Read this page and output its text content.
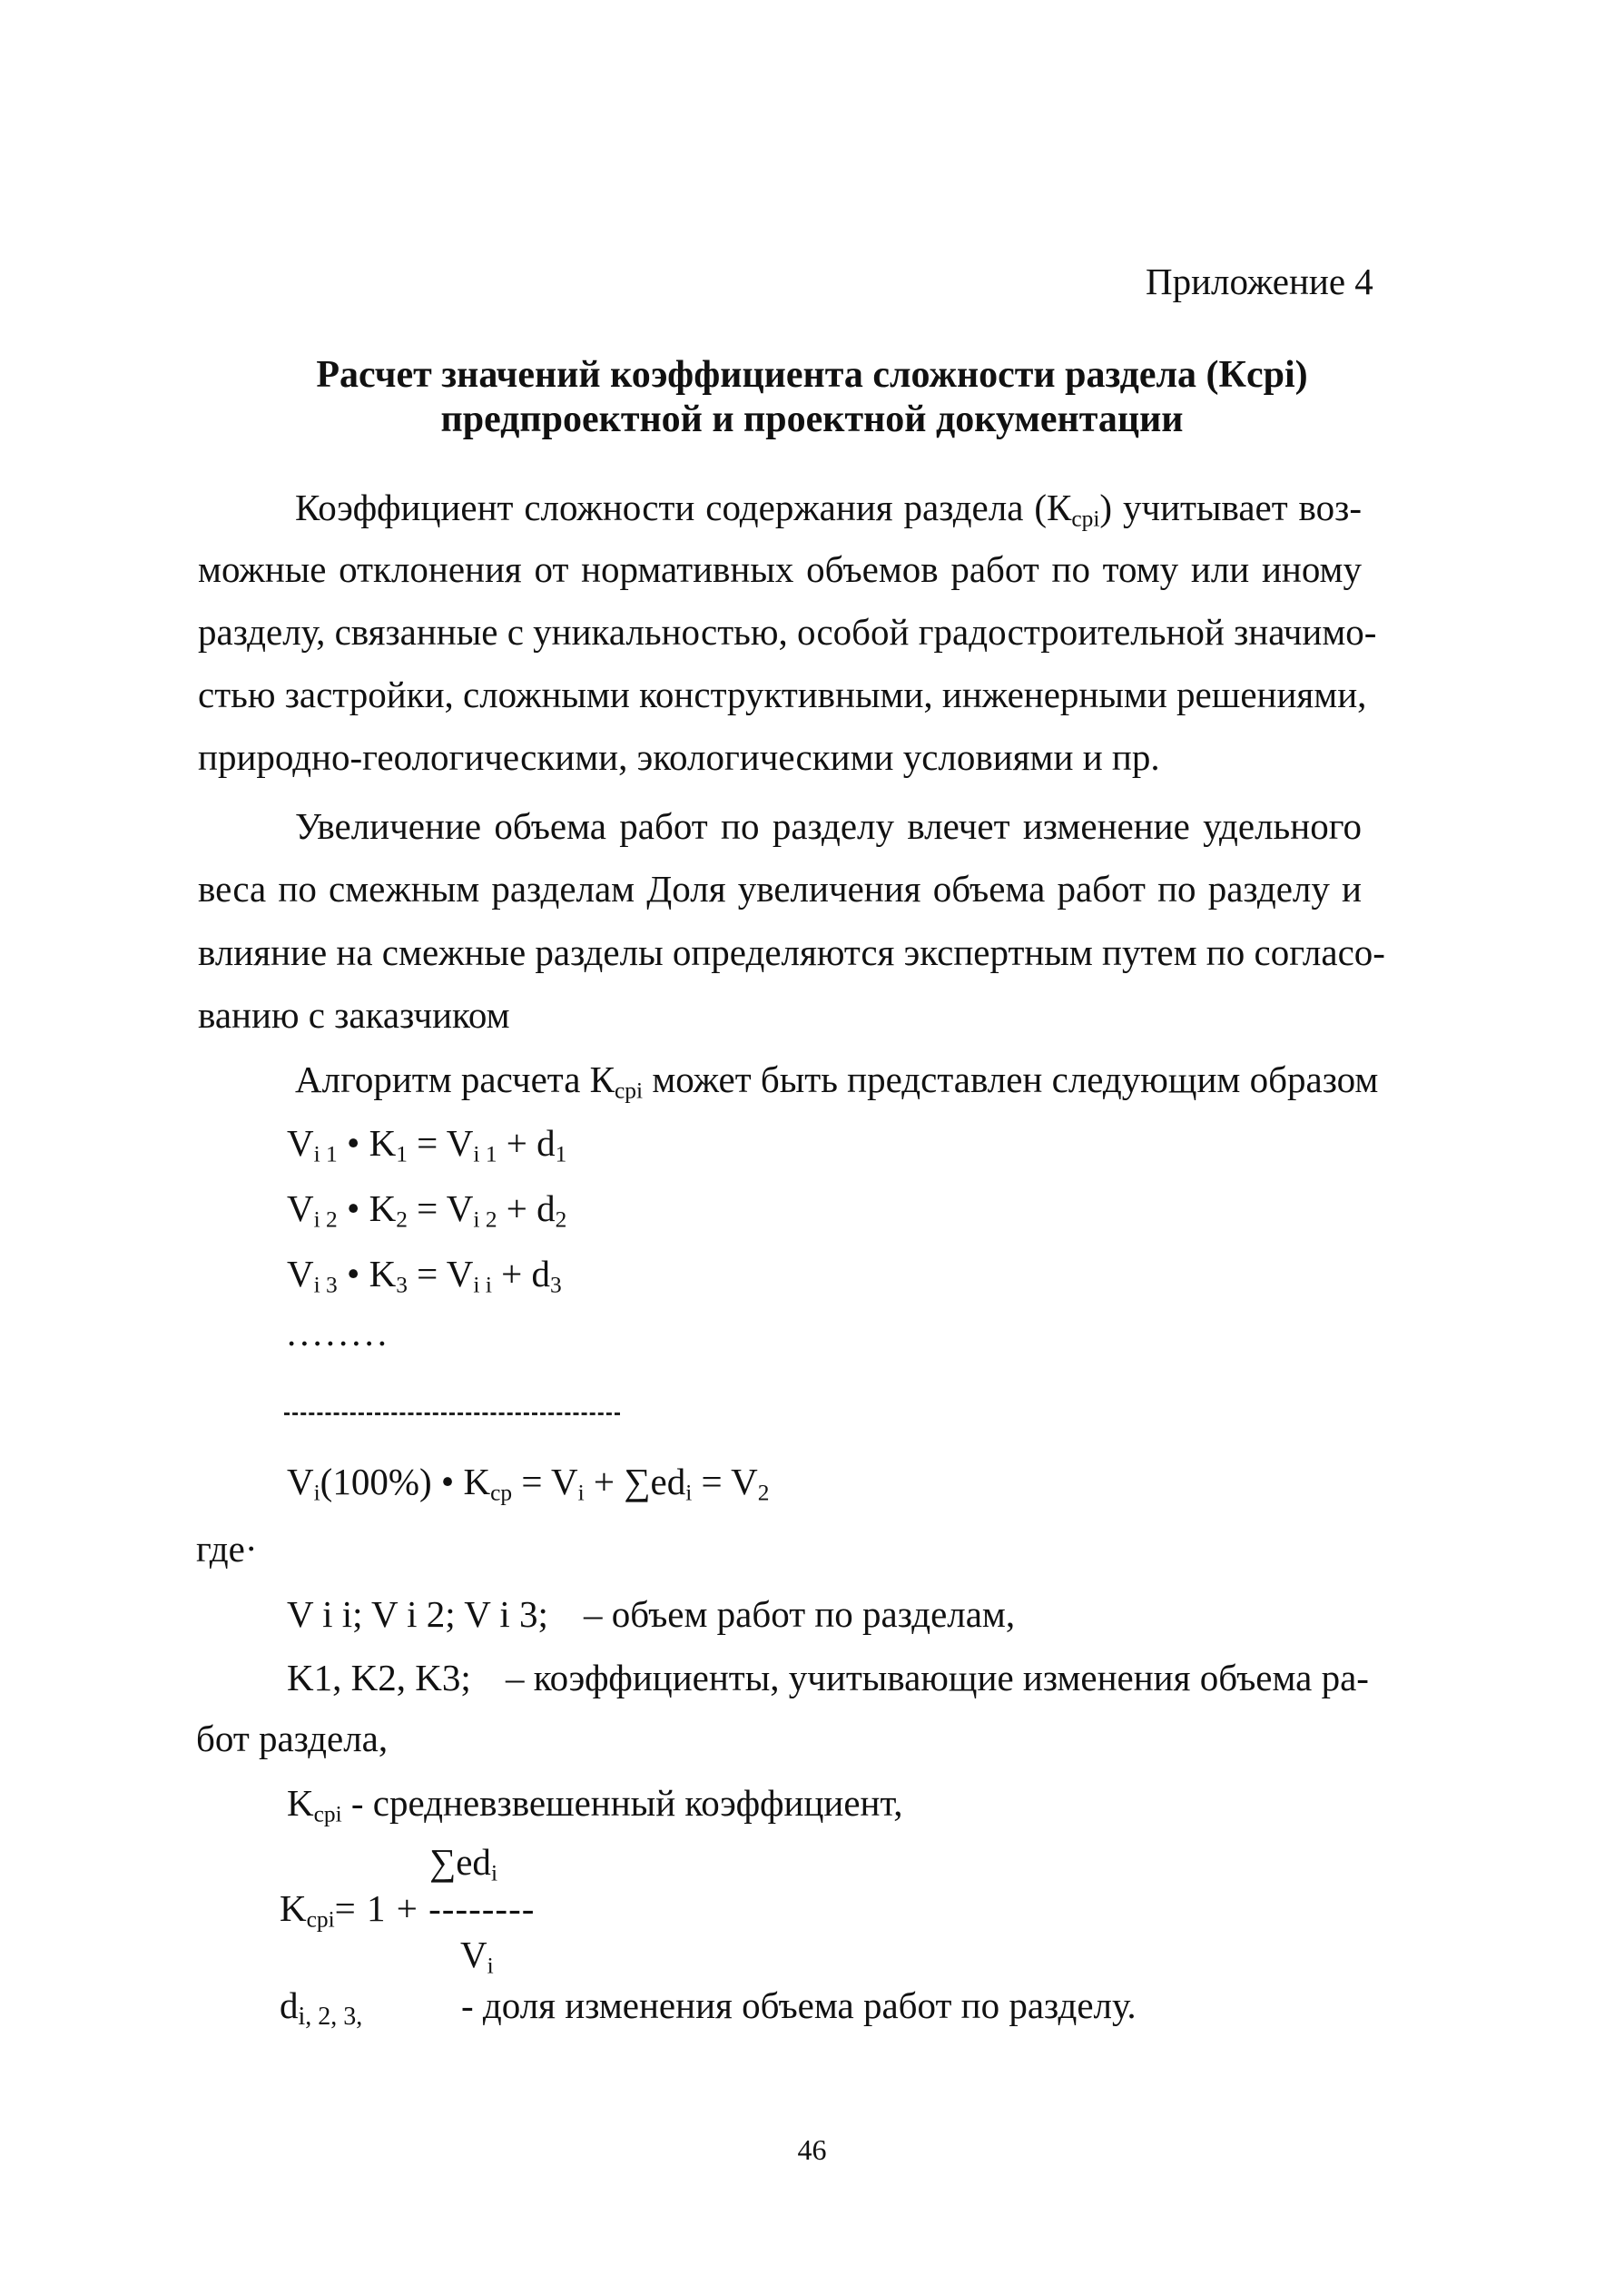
Приложение 4
Расчет значений коэффициента сложности раздела (Кcpi)
предпроектной и проектной документации
Коэффициент сложности содержания раздела $(К_{cpi})$ учитывает воз-
можные отклонения от нормативных объемов работ по тому или иному
разделу, связанные с уникальностью, особой градостроительной значимо-
стью застройки, сложными конструктивными, инженерными решениями,
природно-геологическими, экологическими условиями и пр.
Увеличение объема работ по разделу влечет изменение удельного
веса по смежным разделам Доля увеличения объема работ по разделу и
влияние на смежные разделы определяются экспертным путем по согласо-
ванию с заказчиком
Алгоритм расчета $К_{cpi}$ может быть представлен следующим образом
$V_{i 1}$ • $K_1 = V_{i 1} + d_1$
$V_{i 2}$ • $K_2 = V_{i 2} + d_2$
$V_{i 3}$ • $K_3 = V_{i i} + d_3$
........
$V_i(100\%)$ • $K_{cp} = V_i + \sum ed_i = V_2$
где·
V i i; V i 2; V i 3; – объем работ по разделам,
K1, K2, K3; – коэффициенты, учитывающие изменения объема ра-
бот раздела,
$K_{cpi}$ - средневзвешенный коэффициент,
$\sum ed_i$
$K_{cpi}= 1$ + --------
$V_i$
$d_{i, 2, 3,}$	- доля изменения объема работ по разделу.
46
